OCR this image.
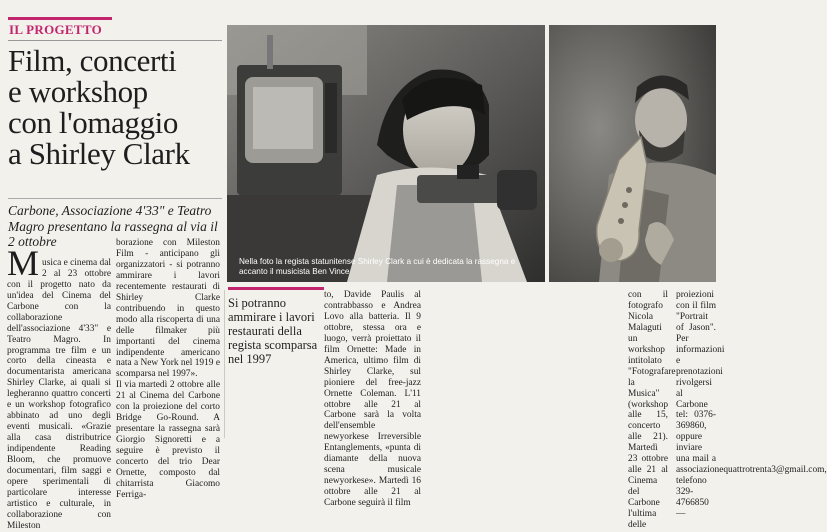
IL PROGETTO
Film, concerti
e workshop
con l'omaggio
a Shirley Clark

Carbone, Associazione 4'33" e Teatro Magro presentano la rassegna al via il 2 ottobre

M usica e cinema dal 2 al 23 ottobre con il progetto nato da un'idea del Cinema del Carbone con la collaborazione dell'associazione 4'33" e Teatro Magro. In programma tre film e un corto della cineasta e documentarista americana Shirley Clarke, ai quali si legheranno quattro concerti e un workshop fotografico abbinato ad uno degli eventi musicali. «Grazie alla casa distributrice indipendente Reading Bloom, che promuove documentari, film saggi e opere sperimentali di particolare interesse artistico e culturale, in collaborazione con Mileston

borazione con Mileston Film - anticipano gli organizzatori - si potranno ammirare i lavori recentemente restaurati di Shirley Clarke contribuendo in questo modo alla riscoperta di una delle filmaker più importanti del cinema indipendente americano nata a New York nel 1919 e scomparsa nel 1997».
Il via martedì 2 ottobre alle 21 al Cinema del Carbone con la proiezione del corto Bridge Go-Round. A presentare la rassegna sarà Giorgio Signoretti e a seguire è previsto il concerto del trio Dear Ornette, composto dal chitarrista Giacomo Ferriga-

Nella foto la regista statunitense Shirley Clark a cui è dedicata la rassegna e accanto il musicista Ben Vince

Si potranno ammirare i lavori restaurati della regista scomparsa nel 1997

to, Davide Paulis al contrabbasso e Andrea Lovo alla batteria. Il 9 ottobre, stessa ora e luogo, verrà proiettato il film Ornette: Made in America, ultimo film di Shirley Clarke, sul pioniere del free-jazz Ornette Coleman. L'11 ottobre alle 21 al Carbone sarà la volta dell'ensemble newyorkese Irreversible Entanglements, «punta di diamante della nuova scena musicale newyorkese». Martedì 16 ottobre alle 21 al Carbone seguirà il film

con il fotografo Nicola Malaguti un workshop intitolato "Fotografare la Musica" (workshop alle 15, concerto alle 21). Martedì 23 ottobre alle 21 al Cinema del Carbone l'ultima delle proiezioni con il film "Portrait of Jason". Per informazioni e prenotazioni rivolgersi al Carbone tel: 0376-369860, oppure inviare una mail a associazionequattrotrenta3@gmail.com, telefono 329-4766850 —
